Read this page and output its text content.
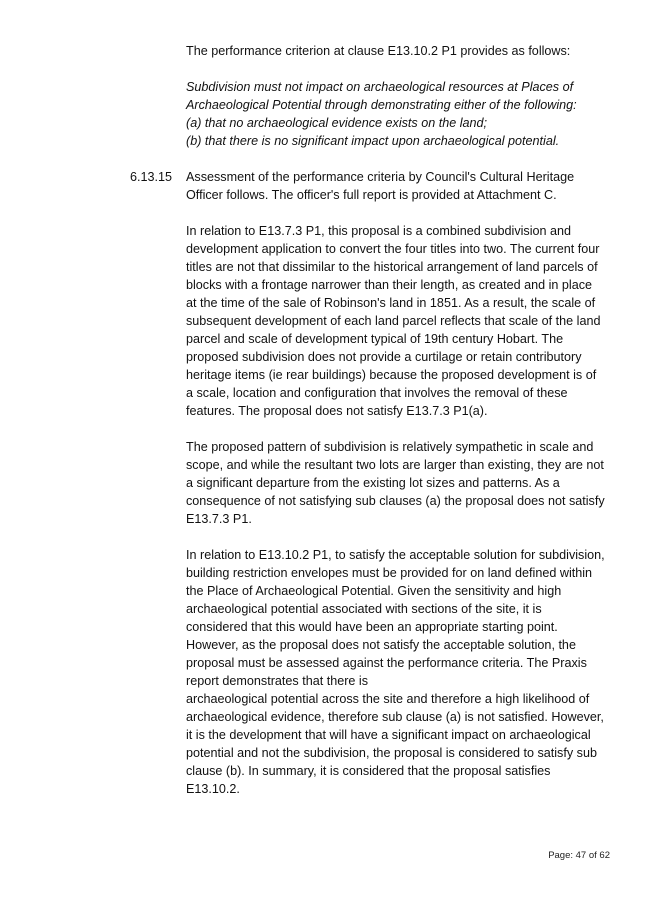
The performance criterion at clause E13.10.2 P1 provides as follows:

Subdivision must not impact on archaeological resources at Places of
Archaeological Potential through demonstrating either of the following:
(a) that no archaeological evidence exists on the land;
(b) that there is no significant impact upon archaeological potential.

6.13.15	Assessment of the performance criteria by Council's Cultural Heritage Officer follows. The officer's full report is provided at Attachment C.

In relation to E13.7.3 P1, this proposal is a combined subdivision and development application to convert the four titles into two. The current four titles are not that dissimilar to the historical arrangement of land parcels of blocks with a frontage narrower than their length, as created and in place at the time of the sale of Robinson's land in 1851. As a result, the scale of subsequent development of each land parcel reflects that scale of the land parcel and scale of development typical of 19th century Hobart. The proposed subdivision does not provide a curtilage or retain contributory heritage items (ie rear buildings) because the proposed development is of a scale, location and configuration that involves the removal of these features. The proposal does not satisfy E13.7.3 P1(a).

The proposed pattern of subdivision is relatively sympathetic in scale and scope, and while the resultant two lots are larger than existing, they are not a significant departure from the existing lot sizes and patterns. As a consequence of not satisfying sub clauses (a) the proposal does not satisfy E13.7.3 P1.

In relation to E13.10.2 P1, to satisfy the acceptable solution for subdivision, building restriction envelopes must be provided for on land defined within the Place of Archaeological Potential. Given the sensitivity and high archaeological potential associated with sections of the site, it is considered that this would have been an appropriate starting point. However, as the proposal does not satisfy the acceptable solution, the proposal must be assessed against the performance criteria. The Praxis report demonstrates that there is

archaeological potential across the site and therefore a high likelihood of archaeological evidence, therefore sub clause (a) is not satisfied. However, it is the development that will have a significant impact on archaeological potential and not the subdivision, the proposal is considered to satisfy sub clause (b). In summary, it is considered that the proposal satisfies E13.10.2.

Page: 47 of 62
